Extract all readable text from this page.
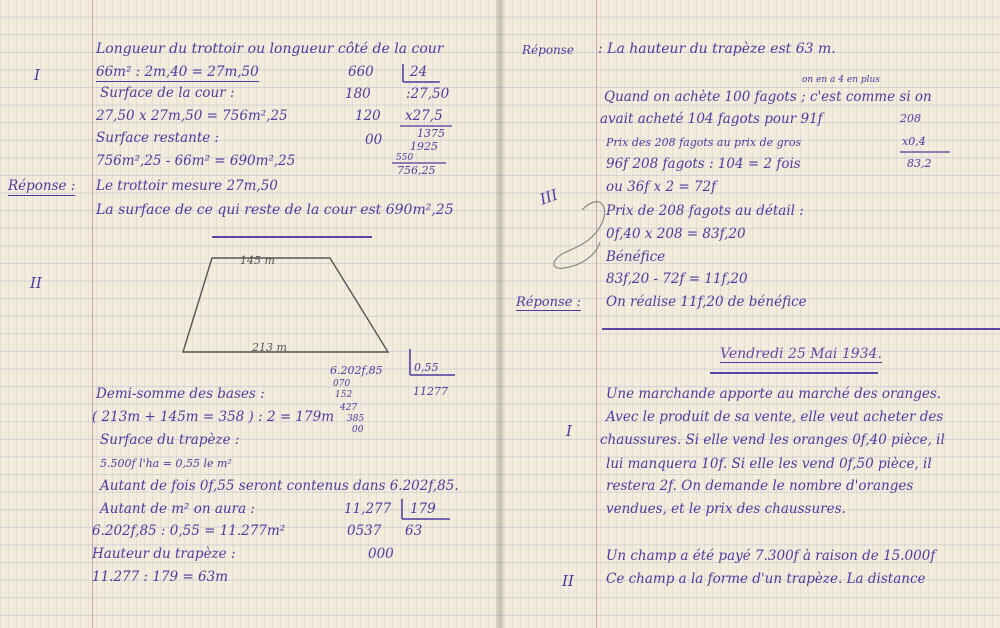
Longueur du trottoir ou longueur côté de la cour
I	66m² : 2m,40 = 27m,50
Surface de la cour :
27,50 x 27m,50 = 756m²,25
Surface restante :
756m²,25 - 66m² = 690m²,25
Réponse : Le trottoir mesure 27m,50
La surface de ce qui reste de la cour est 690m²,25
660	24
180	:27,50
120 x27,5
00	1375
1925
550
756,25
II
145 m
213 m
6.202f,85	0,55
070
11277
152
427
385
00
Demi-somme des bases :
( 213m + 145m = 358 ) : 2 = 179m
Surface du trapèze :
5.500f l'ha = 0,55 le m²
Autant de fois 0f,55 seront contenus dans 6.202f,85.
Autant de m² on aura :
6.202f,85 : 0,55 = 11.277m²
Hauteur du trapèze :
11.277 : 179 = 63m
11,277 179
0537 63
000
Réponse : La hauteur du trapèze est 63 m.
on en a 4 en plus
Quand on achète 100 fagots ; c'est comme si on
avait acheté 104 fagots pour 91f
Prix des 208 fagots au prix de gros
96f 208 fagots : 104 = 2 fois
ou 36f x 2 = 72f
Prix de 208 fagots au détail :
0f,40 x 208 = 83f,20
Bénéfice
83f,20 - 72f = 11f,20
III
208
x0,4
83,2
Réponse : On réalise 11f,20 de bénéfice
Vendredi 25 Mai 1934.
Une marchande apporte au marché des oranges.
Avec le produit de sa vente, elle veut acheter des
chaussures. Si elle vend les oranges 0f,40 pièce, il
lui manquera 10f. Si elle les vend 0f,50 pièce, il
restera 2f. On demande le nombre d'oranges
vendues, et le prix des chaussures.
I
Un champ a été payé 7.300f à raison de 15.000f
II Ce champ a la forme d'un trapèze. La distance
